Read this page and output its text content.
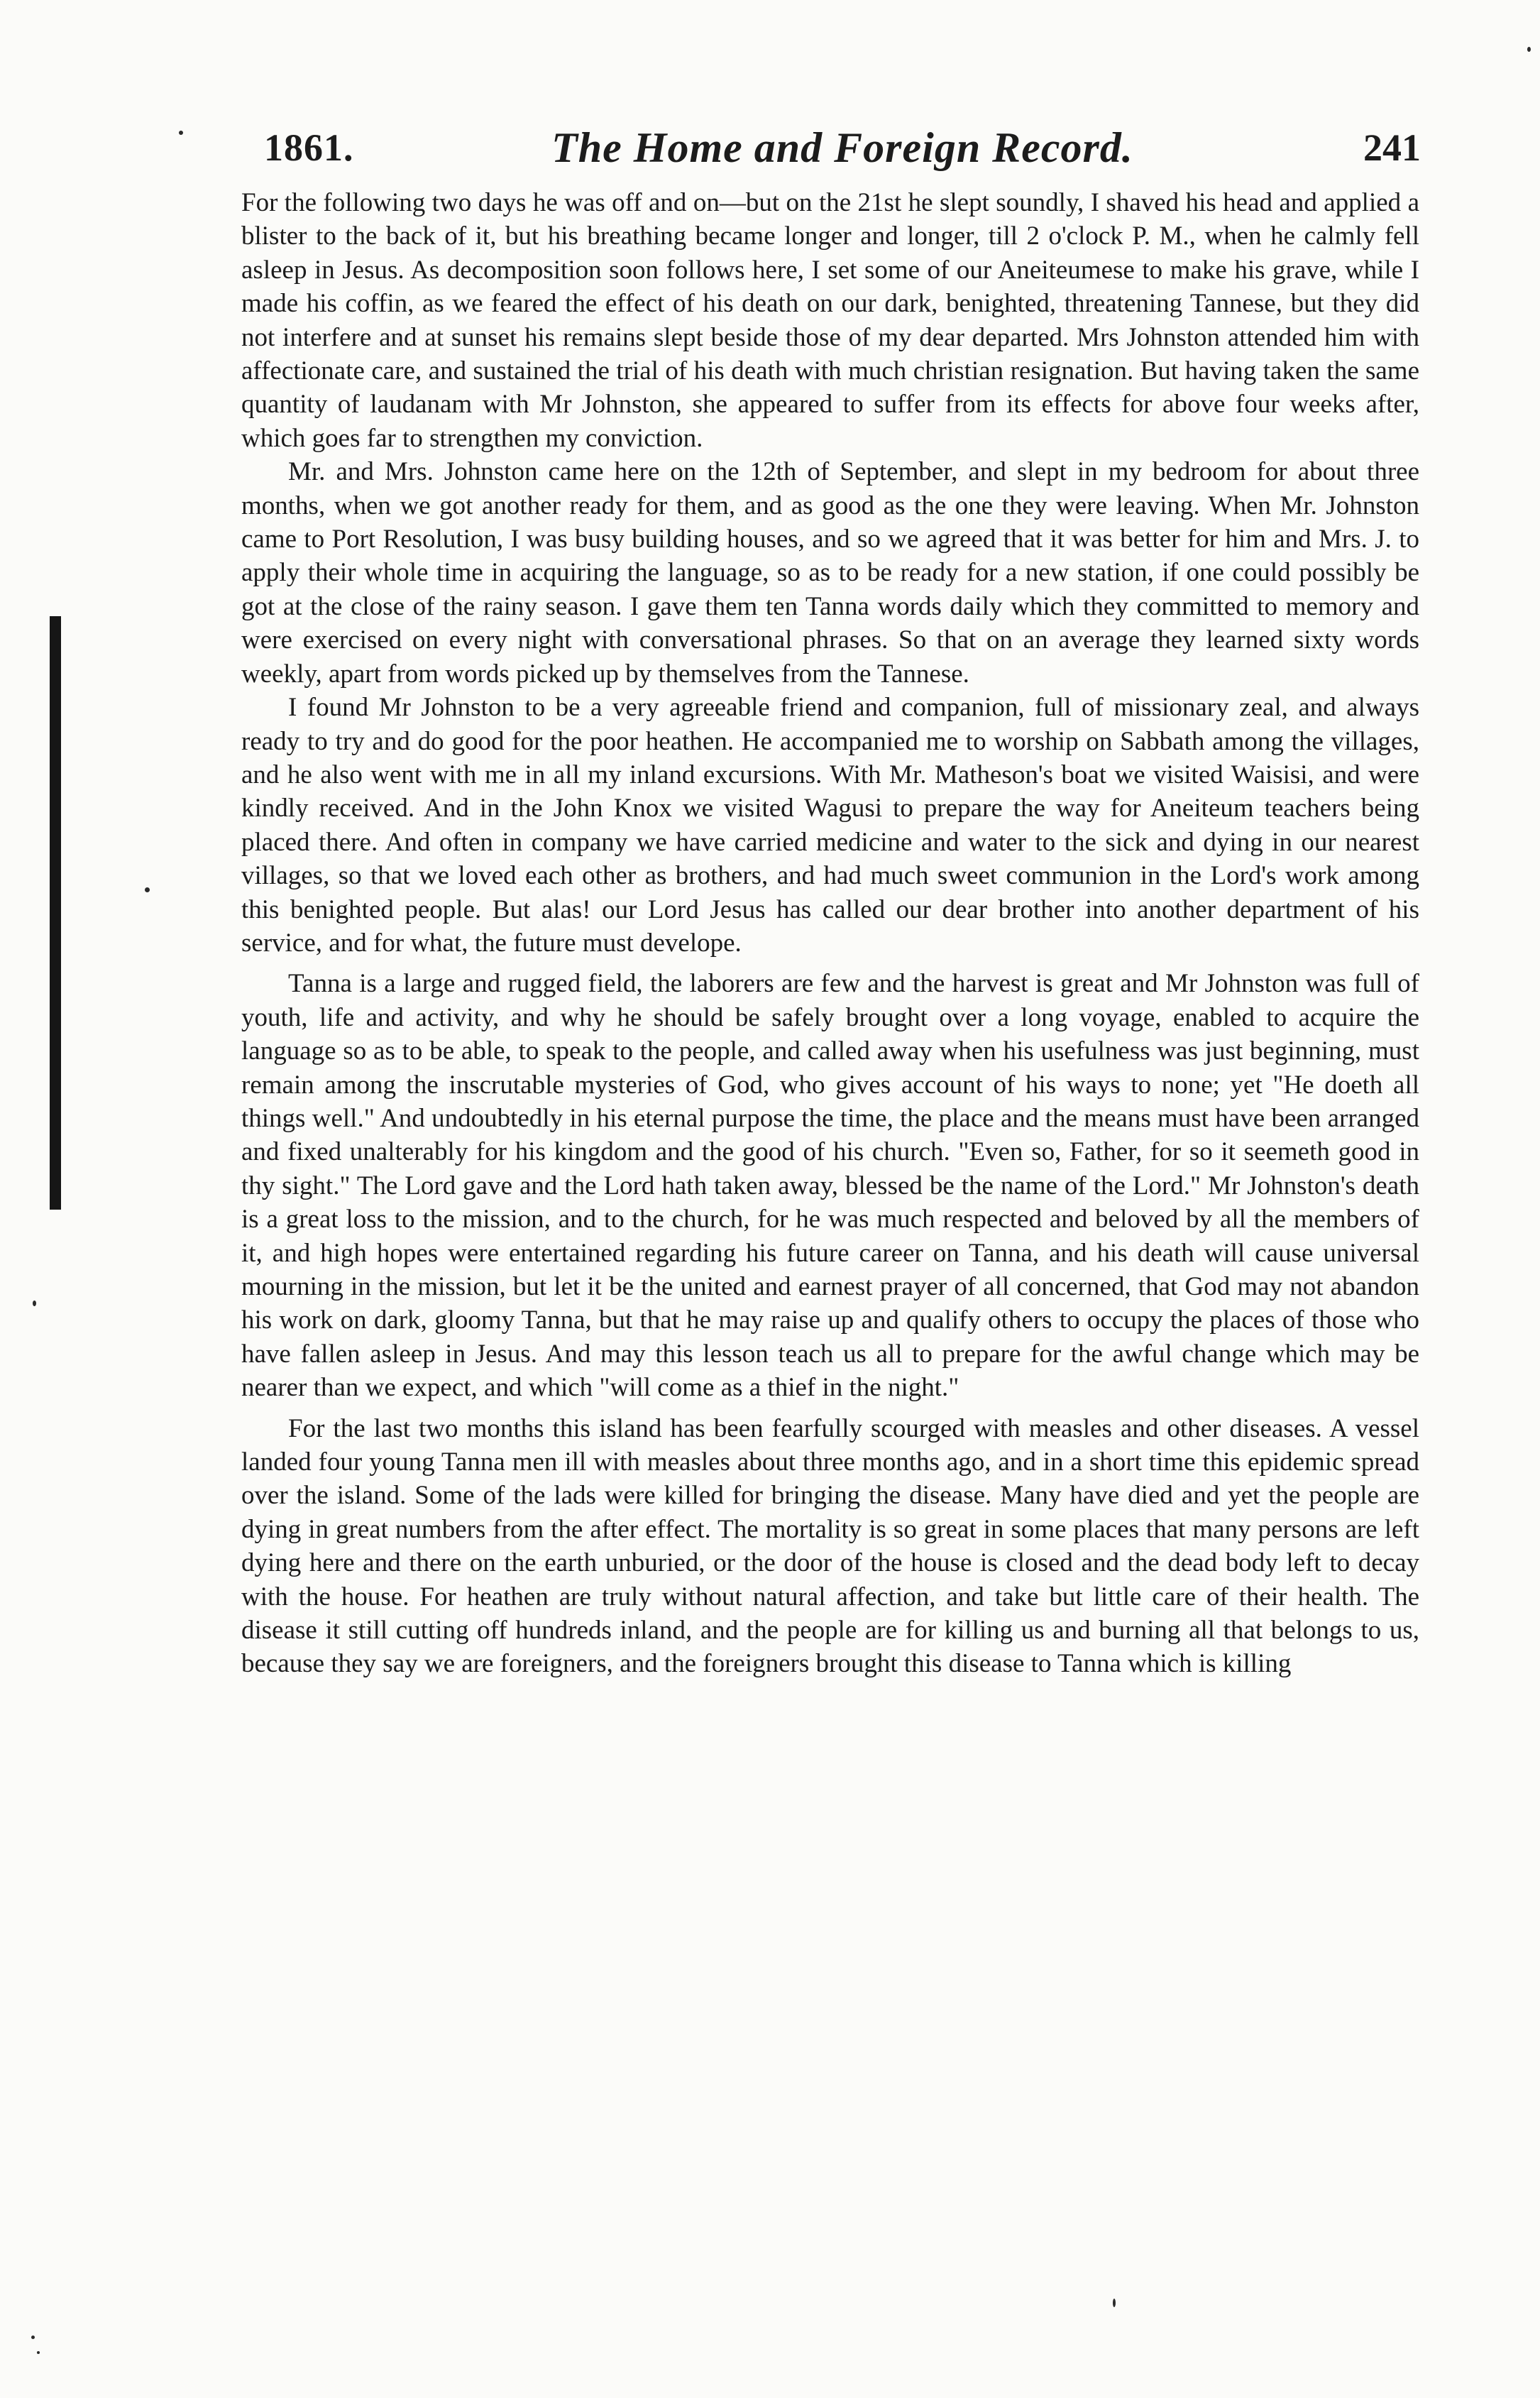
1861.	The Home and Foreign Record.	241

For the following two days he was off and on—but on the 21st he slept soundly, I shaved his head and applied a blister to the back of it, but his breathing became longer and longer, till 2 o'clock P. M., when he calmly fell asleep in Jesus. As decomposition soon follows here, I set some of our Aneiteumese to make his grave, while I made his coffin, as we feared the effect of his death on our dark, benighted, threatening Tannese, but they did not interfere and at sunset his remains slept beside those of my dear departed. Mrs Johnston attended him with affectionate care, and sustained the trial of his death with much christian resignation. But having taken the same quantity of laudanam with Mr Johnston, she appeared to suffer from its effects for above four weeks after, which goes far to strengthen my conviction.

Mr. and Mrs. Johnston came here on the 12th of September, and slept in my bedroom for about three months, when we got another ready for them, and as good as the one they were leaving. When Mr. Johnston came to Port Resolution, I was busy building houses, and so we agreed that it was better for him and Mrs. J. to apply their whole time in acquiring the language, so as to be ready for a new station, if one could possibly be got at the close of the rainy season. I gave them ten Tanna words daily which they committed to memory and were exercised on every night with conversational phrases. So that on an average they learned sixty words weekly, apart from words picked up by themselves from the Tannese.

I found Mr Johnston to be a very agreeable friend and companion, full of missionary zeal, and always ready to try and do good for the poor heathen. He accompanied me to worship on Sabbath among the villages, and he also went with me in all my inland excursions. With Mr. Matheson's boat we visited Waisisi, and were kindly received. And in the John Knox we visited Wagusi to prepare the way for Aneiteum teachers being placed there. And often in company we have carried medicine and water to the sick and dying in our nearest villages, so that we loved each other as brothers, and had much sweet communion in the Lord's work among this benighted people. But alas! our Lord Jesus has called our dear brother into another department of his service, and for what, the future must develope.

Tanna is a large and rugged field, the laborers are few and the harvest is great and Mr Johnston was full of youth, life and activity, and why he should be safely brought over a long voyage, enabled to acquire the language so as to be able, to speak to the people, and called away when his usefulness was just beginning, must remain among the inscrutable mysteries of God, who gives account of his ways to none; yet "He doeth all things well." And undoubtedly in his eternal purpose the time, the place and the means must have been arranged and fixed unalterably for his kingdom and the good of his church. "Even so, Father, for so it seemeth good in thy sight." The Lord gave and the Lord hath taken away, blessed be the name of the Lord." Mr Johnston's death is a great loss to the mission, and to the church, for he was much respected and beloved by all the members of it, and high hopes were entertained regarding his future career on Tanna, and his death will cause universal mourning in the mission, but let it be the united and earnest prayer of all concerned, that God may not abandon his work on dark, gloomy Tanna, but that he may raise up and qualify others to occupy the places of those who have fallen asleep in Jesus. And may this lesson teach us all to prepare for the awful change which may be nearer than we expect, and which "will come as a thief in the night."

For the last two months this island has been fearfully scourged with measles and other diseases. A vessel landed four young Tanna men ill with measles about three months ago, and in a short time this epidemic spread over the island. Some of the lads were killed for bringing the disease. Many have died and yet the people are dying in great numbers from the after effect. The mortality is so great in some places that many persons are left dying here and there on the earth unburied, or the door of the house is closed and the dead body left to decay with the house. For heathen are truly without natural affection, and take but little care of their health. The disease it still cutting off hundreds inland, and the people are for killing us and burning all that belongs to us, because they say we are foreigners, and the foreigners brought this disease to Tanna which is killing
